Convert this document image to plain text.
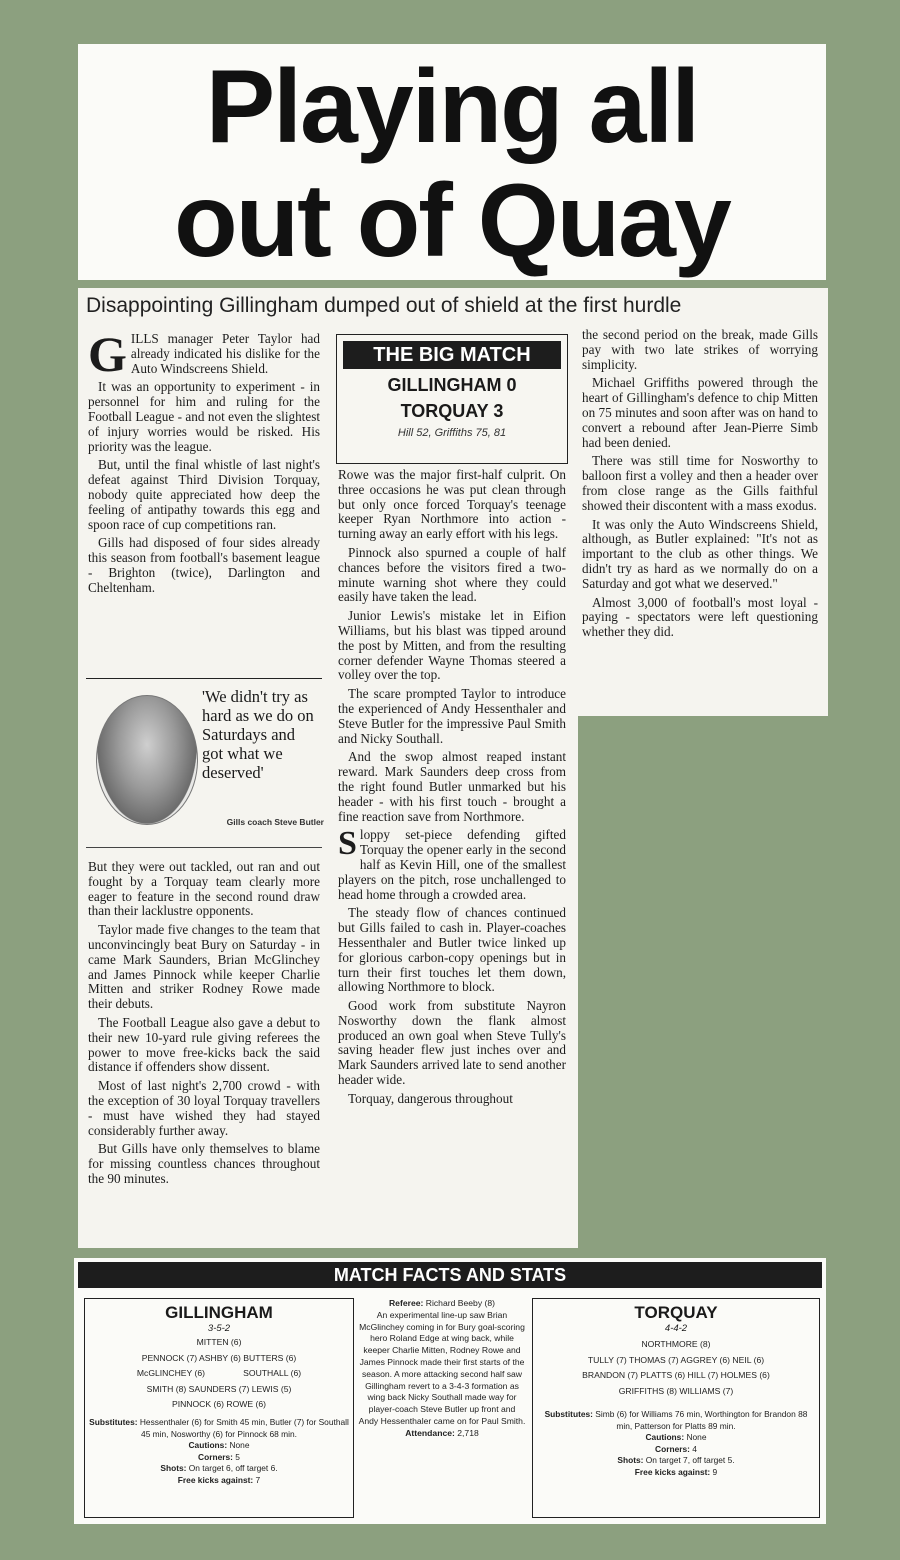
Playing all
out of Quay
Disappointing Gillingham dumped out of shield at the first hurdle

GILLS manager Peter Taylor had already indicated his dislike for the Auto Windscreens Shield.

It was an opportunity to experiment - in personnel for him and ruling for the Football League - and not even the slightest of injury worries would be risked. His priority was the league.

But, until the final whistle of last night's defeat against Third Division Torquay, nobody quite appreciated how deep the feeling of antipathy towards this egg and spoon race of cup competitions ran.

Gills had disposed of four sides already this season from football's basement league - Brighton (twice), Darlington and Cheltenham.

'We didn't try as hard as we do on Saturdays and got what we deserved'
Gills coach Steve Butler

But they were out tackled, out ran and out fought by a Torquay team clearly more eager to feature in the second round draw than their lacklustre opponents.

Taylor made five changes to the team that unconvincingly beat Bury on Saturday - in came Mark Saunders, Brian McGlinchey and James Pinnock while keeper Charlie Mitten and striker Rodney Rowe made their debuts.

The Football League also gave a debut to their new 10-yard rule giving referees the power to move free-kicks back the said distance if offenders show dissent.

Most of last night's 2,700 crowd - with the exception of 30 loyal Torquay travellers - must have wished they had stayed considerably further away.

But Gills have only themselves to blame for missing countless chances throughout the 90 minutes.

THE BIG MATCH
GILLINGHAM 0
TORQUAY 3
Hill 52, Griffiths 75, 81

Rowe was the major first-half culprit. On three occasions he was put clean through but only once forced Torquay's teenage keeper Ryan Northmore into action - turning away an early effort with his legs.

Pinnock also spurned a couple of half chances before the visitors fired a two-minute warning shot where they could easily have taken the lead.

Junior Lewis's mistake let in Eifion Williams, but his blast was tipped around the post by Mitten, and from the resulting corner defender Wayne Thomas steered a volley over the top.

The scare prompted Taylor to introduce the experienced of Andy Hessenthaler and Steve Butler for the impressive Paul Smith and Nicky Southall.

And the swop almost reaped instant reward. Mark Saunders deep cross from the right found Butler unmarked but his header - with his first touch - brought a fine reaction save from Northmore.

Sloppy set-piece defending gifted Torquay the opener early in the second half as Kevin Hill, one of the smallest players on the pitch, rose unchallenged to head home through a crowded area.

The steady flow of chances continued but Gills failed to cash in. Player-coaches Hessenthaler and Butler twice linked up for glorious carbon-copy openings but in turn their first touches let them down, allowing Northmore to block.

Good work from substitute Nayron Nosworthy down the flank almost produced an own goal when Steve Tully's saving header flew just inches over and Mark Saunders arrived late to send another header wide.

Torquay, dangerous throughout

the second period on the break, made Gills pay with two late strikes of worrying simplicity.

Michael Griffiths powered through the heart of Gillingham's defence to chip Mitten on 75 minutes and soon after was on hand to convert a rebound after Jean-Pierre Simb had been denied.

There was still time for Nosworthy to balloon first a volley and then a header over from close range as the Gills faithful showed their discontent with a mass exodus.

It was only the Auto Windscreens Shield, although, as Butler explained: "It's not as important to the club as other things. We didn't try as hard as we normally do on a Saturday and got what we deserved."

Almost 3,000 of football's most loyal - paying - spectators were left questioning whether they did.

MATCH FACTS AND STATS
GILLINGHAM
3-5-2
MITTEN (6)
PENNOCK (7) ASHBY (6) BUTTERS (6)
McGLINCHEY (6)                SOUTHALL (6)
SMITH (8) SAUNDERS (7) LEWIS (5)
PINNOCK (6) ROWE (6)
Substitutes: Hessenthaler (6) for Smith 45 min, Butler (7) for Southall 45 min, Nosworthy (6) for Pinnock 68 min.
Cautions: None
Corners: 5
Shots: On target 6, off target 6.
Free kicks against: 7
Referee: Richard Beeby (8)
An experimental line-up saw Brian McGlinchey coming in for Bury goal-scoring hero Roland Edge at wing back, while keeper Charlie Mitten, Rodney Rowe and James Pinnock made their first starts of the season. A more attacking second half saw Gillingham revert to a 3-4-3 formation as wing back Nicky Southall made way for player-coach Steve Butler up front and Andy Hessenthaler came on for Paul Smith.
Attendance: 2,718
TORQUAY
4-4-2
NORTHMORE (8)
TULLY (7) THOMAS (7) AGGREY (6) NEIL (6)
BRANDON (7) PLATTS (6) HILL (7) HOLMES (6)
GRIFFITHS (8) WILLIAMS (7)
Substitutes: Simb (6) for Williams 76 min, Worthington for Brandon 88 min, Patterson for Platts 89 min.
Cautions: None
Corners: 4
Shots: On target 7, off target 5.
Free kicks against: 9
